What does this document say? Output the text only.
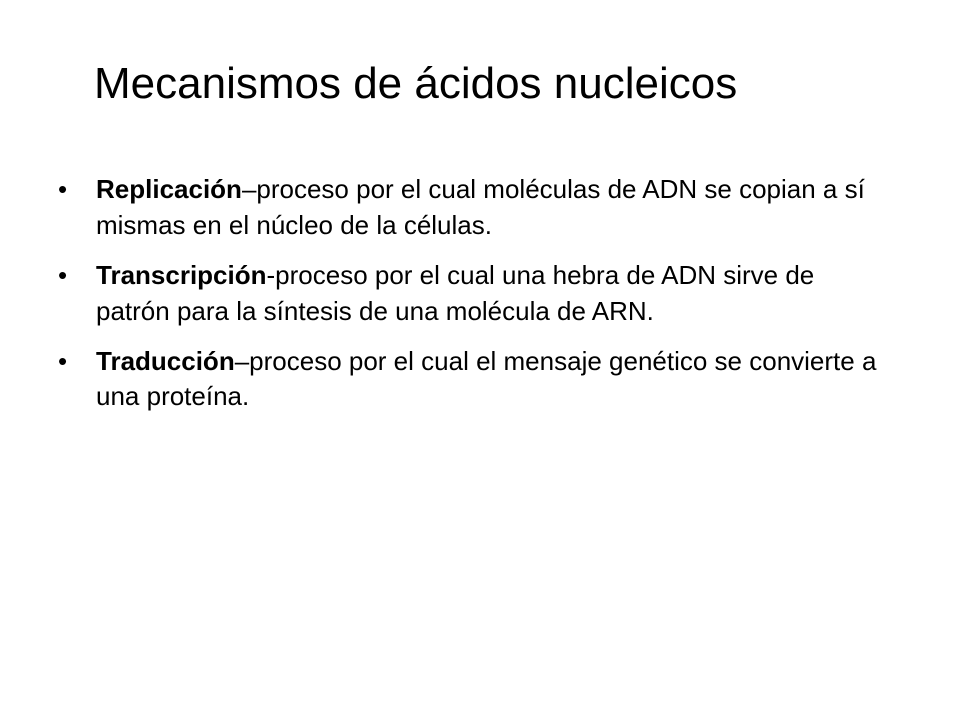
Mecanismos de ácidos nucleicos
• Replicación–proceso por el cual moléculas de ADN se copian a sí mismas en el núcleo de la células.
• Transcripción-proceso por el cual una hebra de ADN sirve de patrón para la síntesis de una molécula de ARN.
• Traducción–proceso por el cual el mensaje genético se convierte a una proteína.
